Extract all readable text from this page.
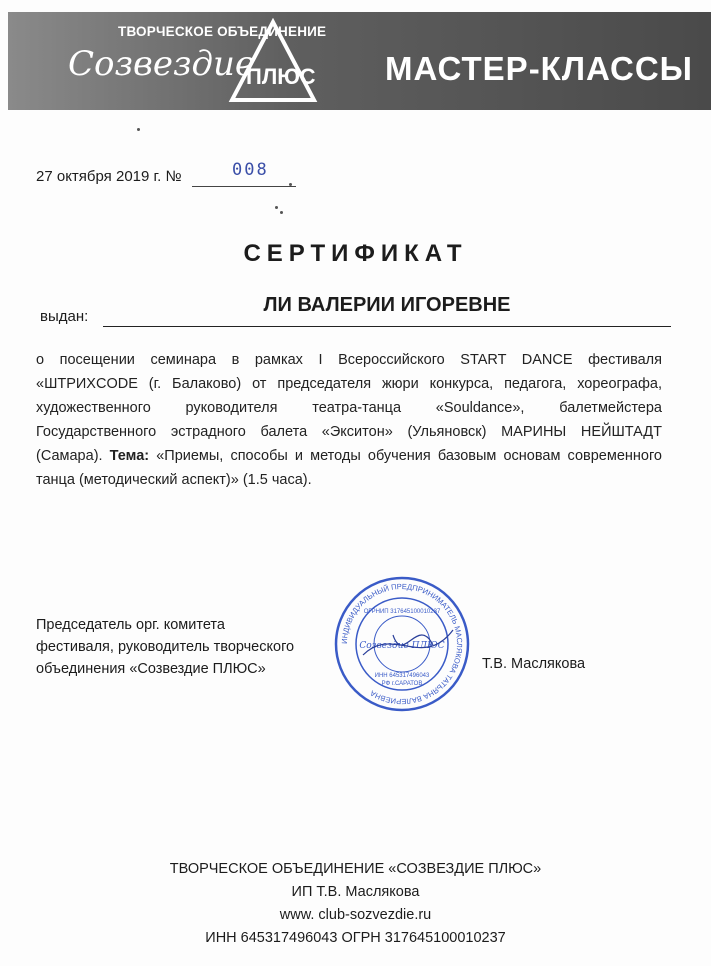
ТВОРЧЕСКОЕ ОБЪЕДИНЕНИЕ
Созвездие
ПЛЮС МАСТЕР-КЛАССЫ
27 октября 2019 г. №	008
СЕРТИФИКАТ
выдан:
ЛИ ВАЛЕРИИ ИГОРЕВНЕ
о посещении семинара в рамках I Всероссийского START DANCE фестиваля «ШТРИХCODE (г. Балаково) от председателя жюри конкурса, педагога, хореографа, художественного руководителя театра-танца «Souldance», балетмейстера Государственного эстрадного балета «Экситон» (Ульяновск) МАРИНЫ НЕЙШТАДТ (Самара). Тема: «Приемы, способы и методы обучения базовым основам современного танца (методический аспект)» (1.5 часа).
Председатель орг. комитета
фестиваля, руководитель творческого
объединения «Созвездие ПЛЮС»
ИНДИВИДУАЛЬНЫЙ ПРЕДПРИНИМАТЕЛЬ МАСЛЯКОВА ТАТЬЯНА ВАЛЕРИЕВНА
ОГРНИП 317645100010237
ИНН 645317496043
РФ г.САРАТОВ
Созвездие ПЛЮС
Т.В. Маслякова
ТВОРЧЕСКОЕ ОБЪЕДИНЕНИЕ «СОЗВЕЗДИЕ ПЛЮС»
ИП Т.В. Маслякова
www. club-sozvezdie.ru
ИНН 645317496043 ОГРН 317645100010237
